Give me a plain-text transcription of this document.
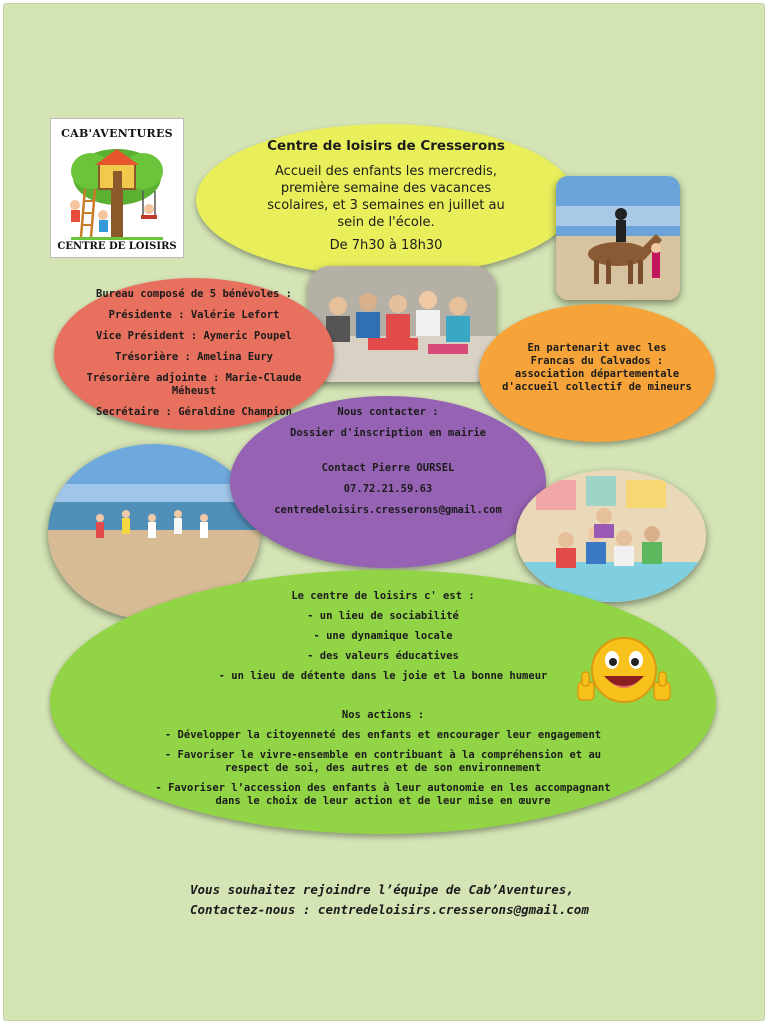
CAB'AVENTURES
CENTRE DE LOISIRS
Centre de loisirs de Cresserons
Accueil des enfants les mercredis,
première semaine des vacances
scolaires, et 3 semaines en juillet au
sein de l'école.
De 7h30 à 18h30
Bureau composé de 5 bénévoles :
Présidente : Valérie Lefort
Vice Président : Aymeric Poupel
Trésorière : Amelina Eury
Trésorière adjointe : Marie-Claude Méheust
Secrétaire : Géraldine Champion
En partenarit avec les
Francas du Calvados :
association départementale
d'accueil collectif de mineurs
Nous contacter :
Dossier d'inscription en mairie
Contact Pierre OURSEL
07.72.21.59.63
centredeloisirs.cresserons@gmail.com
Le centre de loisirs c' est :
- un lieu de sociabilité
- une dynamique locale
- des valeurs éducatives
- un lieu de détente dans le joie et la bonne humeur
Nos actions :
- Développer la citoyenneté des enfants et encourager leur engagement
- Favoriser le vivre-ensemble en contribuant à la compréhension et au respect de soi, des autres et de son environnement
- Favoriser l’accession des enfants à leur autonomie en les accompagnant dans le choix de leur action et de leur mise en œuvre
Vous souhaitez rejoindre l’équipe de Cab’Aventures,
Contactez-nous : centredeloisirs.cresserons@gmail.com
